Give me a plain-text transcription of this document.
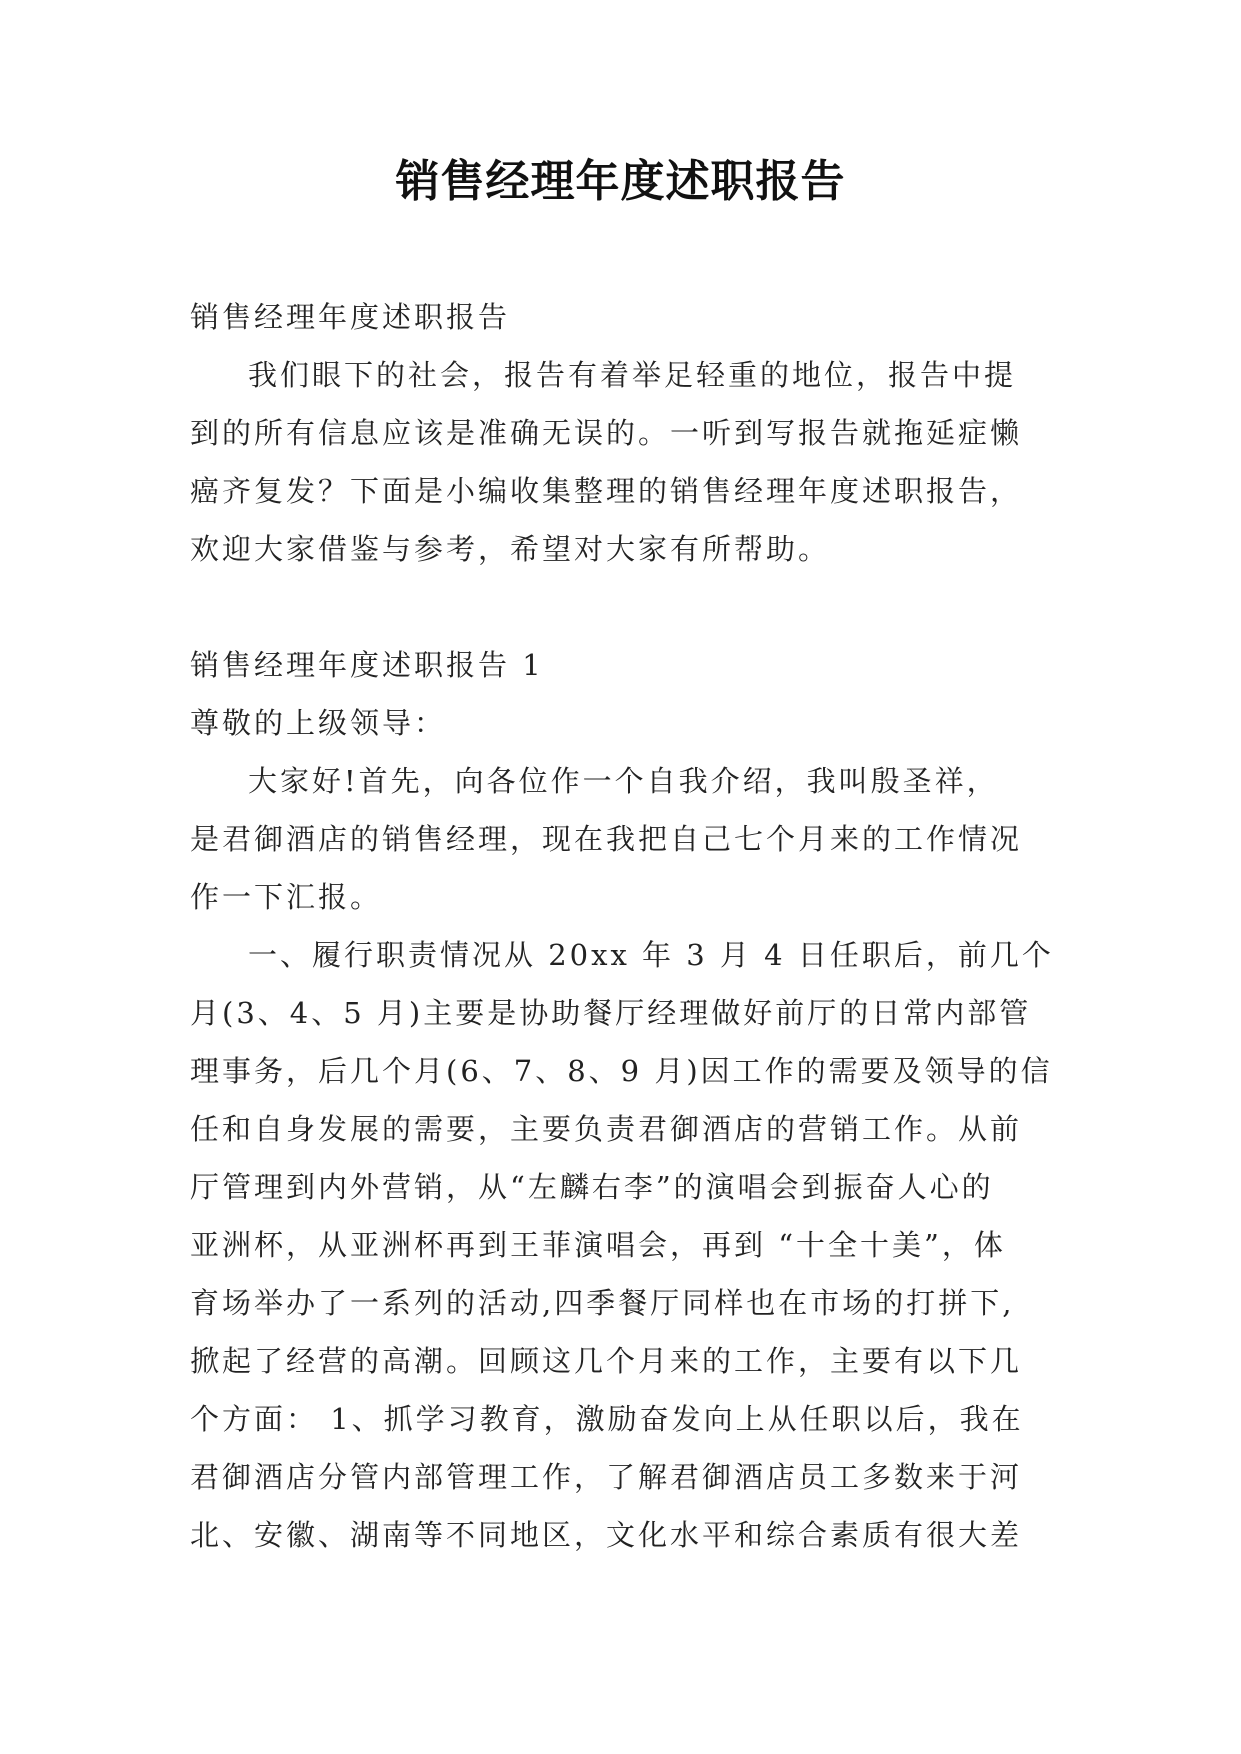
销售经理年度述职报告

销售经理年度述职报告

我们眼下的社会，报告有着举足轻重的地位，报告中提
到的所有信息应该是准确无误的。一听到写报告就拖延症懒
癌齐复发？下面是小编收集整理的销售经理年度述职报告，
欢迎大家借鉴与参考，希望对大家有所帮助。

销售经理年度述职报告 1

尊敬的上级领导：

大家好!首先，向各位作一个自我介绍，我叫殷圣祥，
是君御酒店的销售经理，现在我把自己七个月来的工作情况
作一下汇报。

一、履行职责情况从 20xx 年 3 月 4 日任职后，前几个
月(3、4、5 月)主要是协助餐厅经理做好前厅的日常内部管
理事务，后几个月(6、7、8、9 月)因工作的需要及领导的信
任和自身发展的需要，主要负责君御酒店的营销工作。从前
厅管理到内外营销，从“左麟右李”的演唱会到振奋人心的
亚洲杯，从亚洲杯再到王菲演唱会，再到 “十全十美”，体
育场举办了一系列的活动,四季餐厅同样也在市场的打拼下,
掀起了经营的高潮。回顾这几个月来的工作，主要有以下几
个方面： 1、抓学习教育，激励奋发向上从任职以后，我在
君御酒店分管内部管理工作，了解君御酒店员工多数来于河
北、安徽、湖南等不同地区，文化水平和综合素质有很大差
